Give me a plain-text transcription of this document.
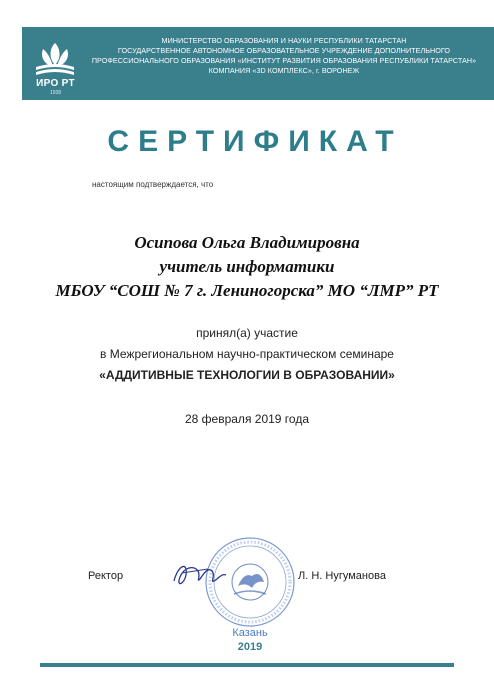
ИРО РТ
1938
МИНИСТЕРСТВО ОБРАЗОВАНИЯ И НАУКИ РЕСПУБЛИКИ ТАТАРСТАН
ГОСУДАРСТВЕННОЕ АВТОНОМНОЕ ОБРАЗОВАТЕЛЬНОЕ УЧРЕЖДЕНИЕ ДОПОЛНИТЕЛЬНОГО
ПРОФЕССИОНАЛЬНОГО ОБРАЗОВАНИЯ «ИНСТИТУТ РАЗВИТИЯ ОБРАЗОВАНИЯ РЕСПУБЛИКИ ТАТАРСТАН»
КОМПАНИЯ «3D КОМПЛЕКС», г. ВОРОНЕЖ
СЕРТИФИКАТ
настоящим подтверждается, что
Осипова Ольга Владимировна
учитель информатики
МБОУ “СОШ № 7 г. Лениногорска” МО “ЛМР” РТ
принял(а) участие
в Межрегиональном научно-практическом семинаре
«АДДИТИВНЫЕ ТЕХНОЛОГИИ В ОБРАЗОВАНИИ»
28 февраля 2019 года
Казань
2019
Ректор	Л. Н. Нугуманова
